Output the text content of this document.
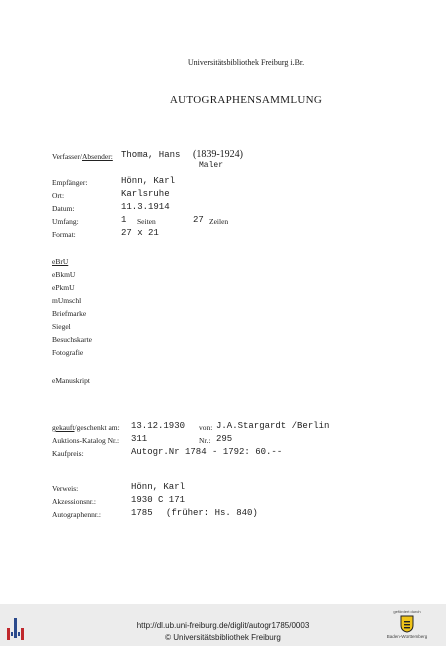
Universitätsbibliothek Freiburg i.Br.
AUTOGRAPHENSAMMLUNG
Verfasser/Absender: Thoma, Hans (1839-1924)
Maler
Empfänger:	Hönn, Karl
Ort:	Karlsruhe
Datum:	11.3.1914
Umfang:	1 Seiten	27 Zeilen
Format:	27 x 21
eBrU
eBkmU
ePkmU
mUmschl
Briefmarke
Siegel
Besuchskarte
Fotografie
eManuskript
gekauft/geschenkt am: 13.12.1930 von: J.A.Stargardt /Berlin
Auktions-Katalog Nr.: 311	Nr.: 295
Kaufpreis:	Autogr.Nr 1784 - 1792: 60.--
Verweis:	Hönn, Karl
Akzessionsnr.:	1930 C 171
Autographennr.:	1785 (früher: Hs. 840)
http://dl.ub.uni-freiburg.de/diglit/autogr1785/0003
© Universitätsbibliothek Freiburg
gefördert durch
Baden-Württemberg
